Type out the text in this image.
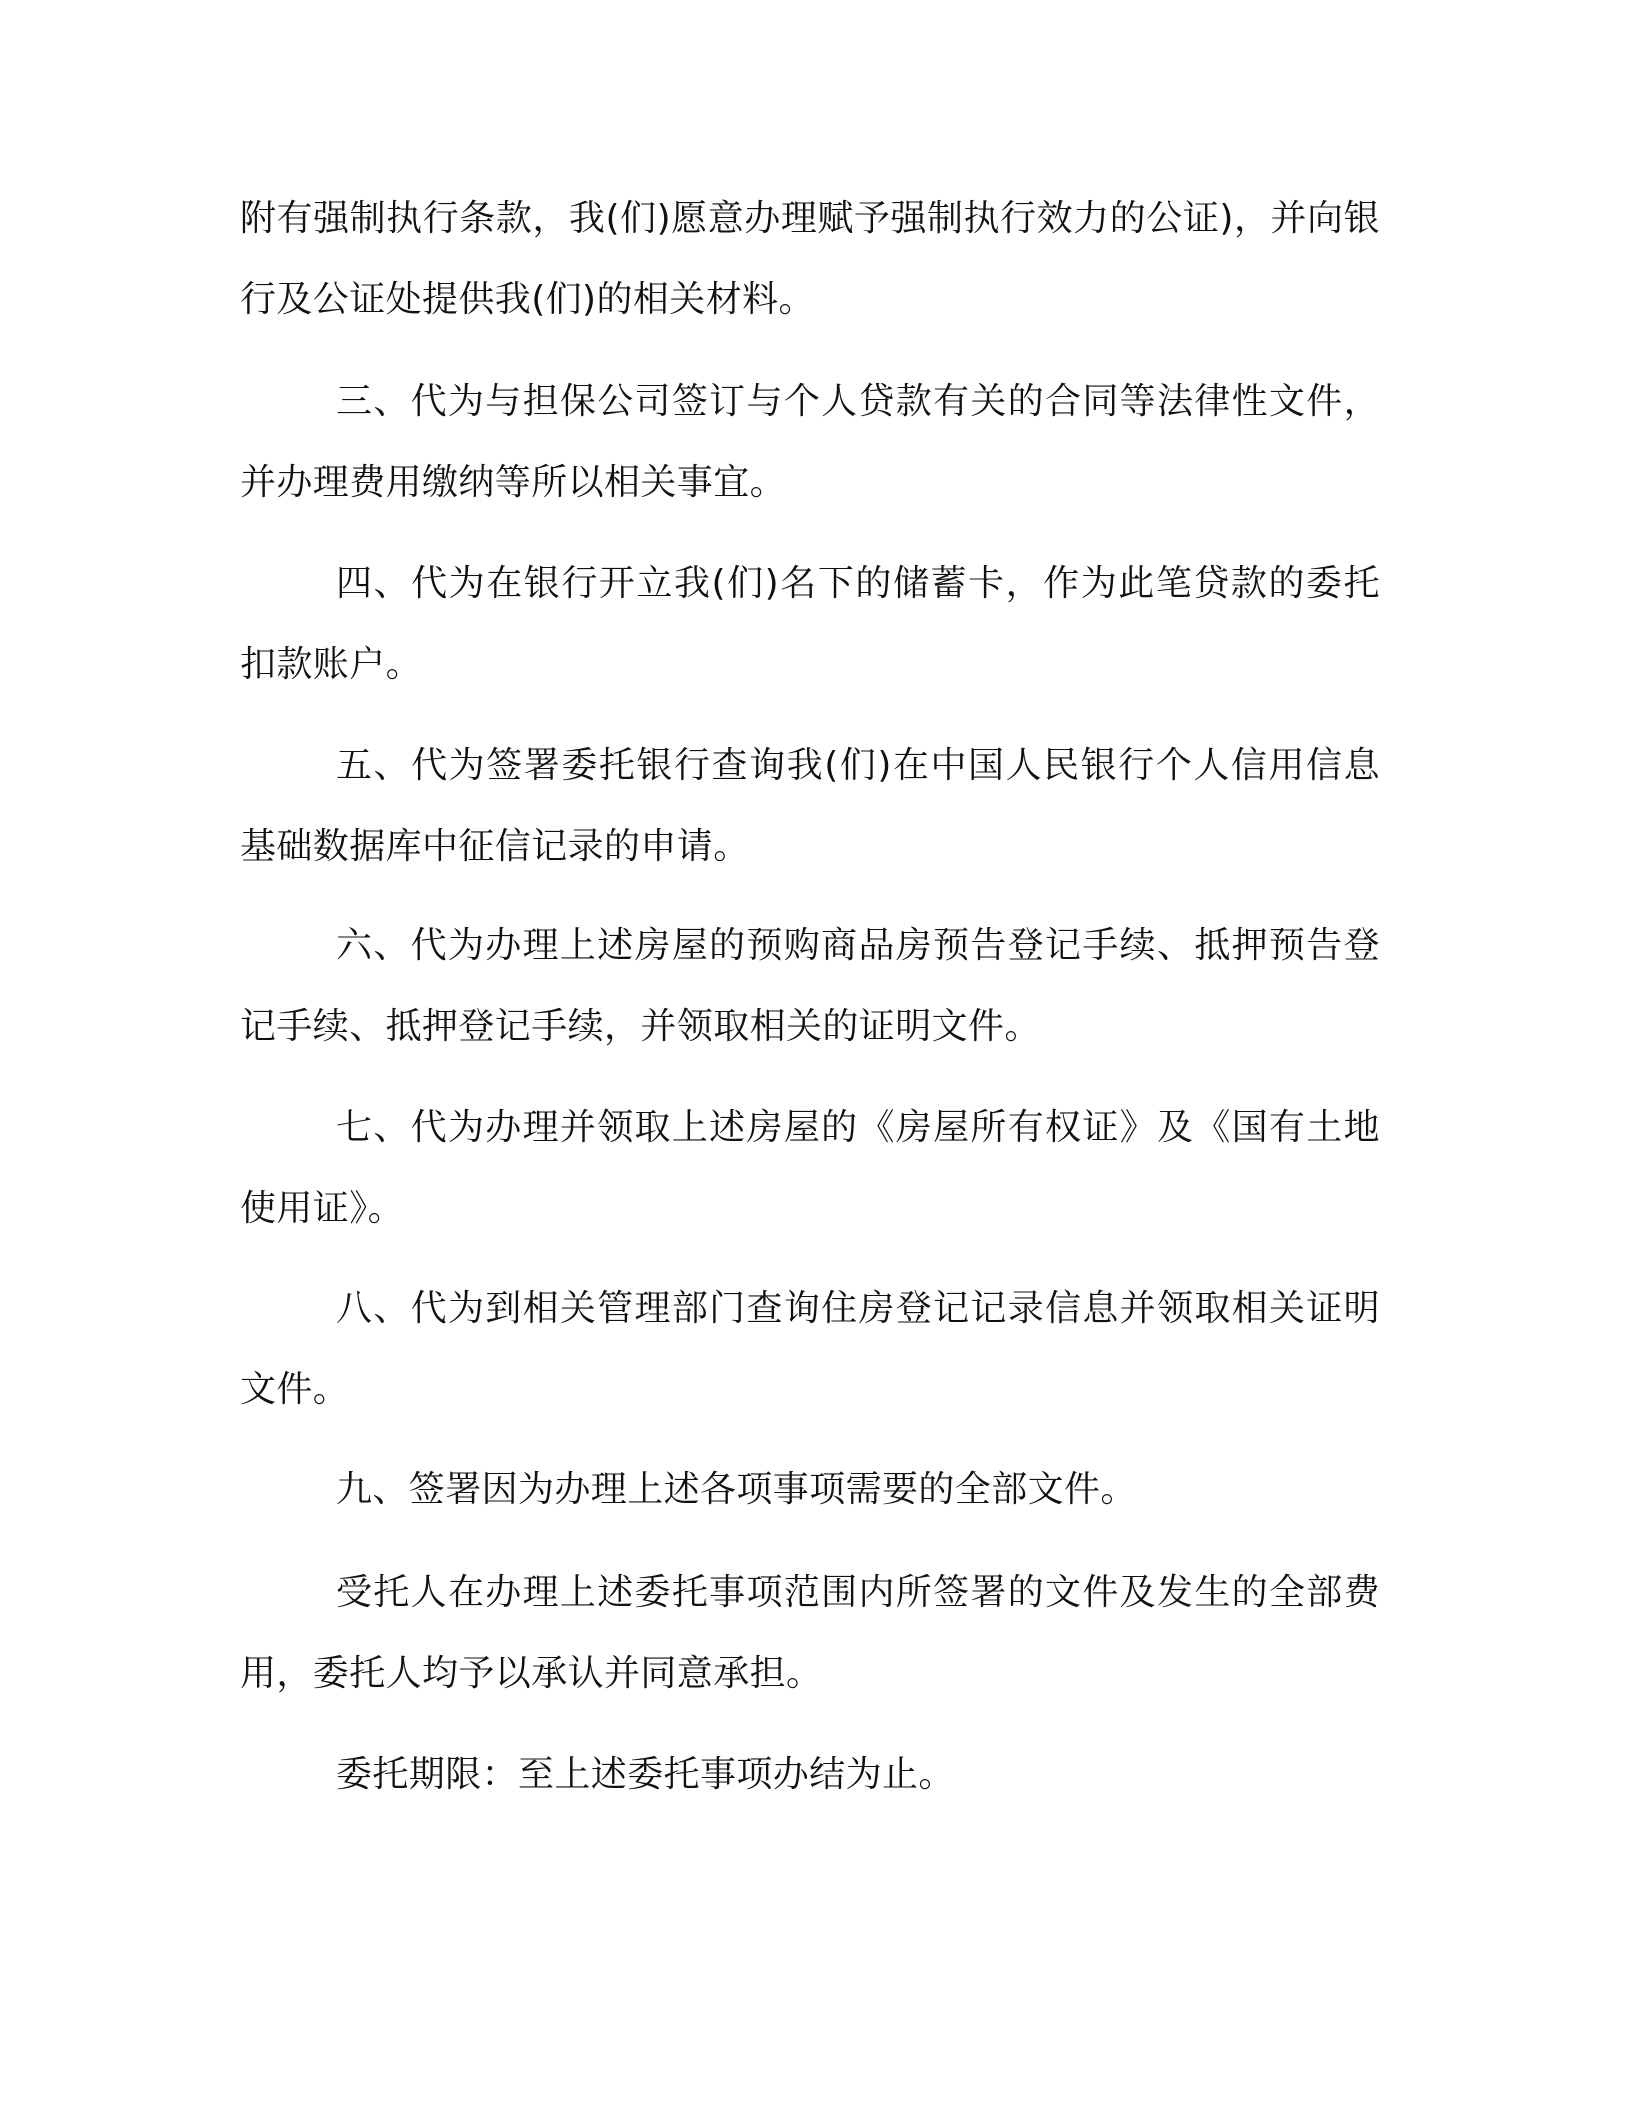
附有强制执行条款，我(们)愿意办理赋予强制执行效力的公证)，并向银行及公证处提供我(们)的相关材料。

三、代为与担保公司签订与个人贷款有关的合同等法律性文件，并办理费用缴纳等所以相关事宜。

四、代为在银行开立我(们)名下的储蓄卡，作为此笔贷款的委托扣款账户。

五、代为签署委托银行查询我(们)在中国人民银行个人信用信息基础数据库中征信记录的申请。

六、代为办理上述房屋的预购商品房预告登记手续、抵押预告登记手续、抵押登记手续，并领取相关的证明文件。

七、代为办理并领取上述房屋的《房屋所有权证》及《国有土地使用证》。

八、代为到相关管理部门查询住房登记记录信息并领取相关证明文件。

九、签署因为办理上述各项事项需要的全部文件。

受托人在办理上述委托事项范围内所签署的文件及发生的全部费用，委托人均予以承认并同意承担。

委托期限：至上述委托事项办结为止。
